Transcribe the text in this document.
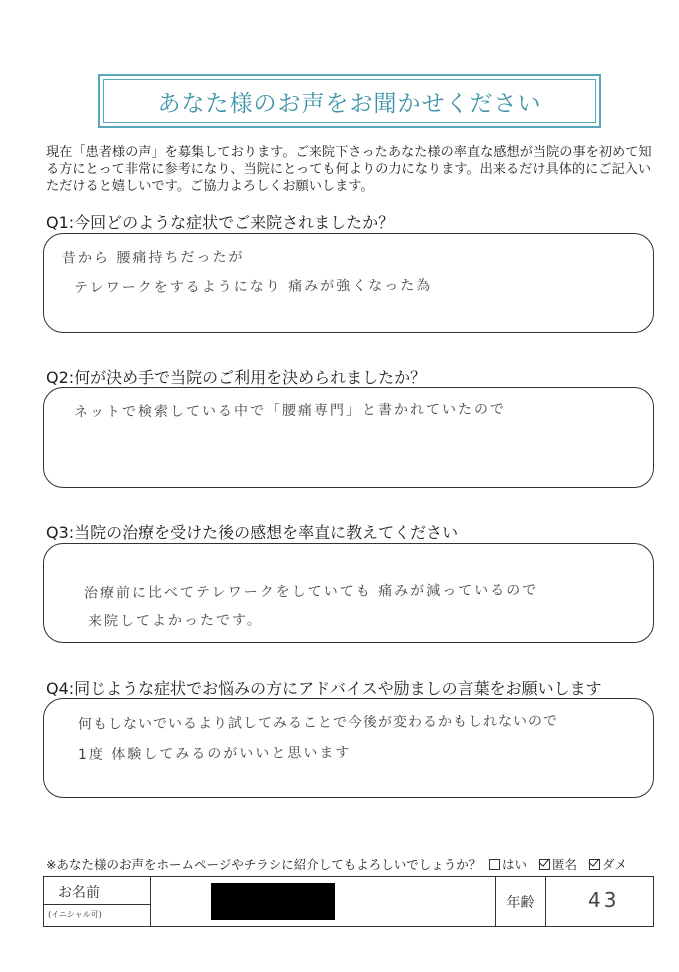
あなた様のお声をお聞かせください
現在「患者様の声」を募集しております。ご来院下さったあなた様の率直な感想が当院の事を初めて知る方にとって非常に参考になり、当院にとっても何よりの力になります。出来るだけ具体的にご記入いただけると嬉しいです。ご協力よろしくお願いします。
Q1:今回どのような症状でご来院されましたか？
昔から 腰痛持ちだったが
テレワークをするようになり 痛みが強くなった為
Q2:何が決め手で当院のご利用を決められましたか？
ネットで検索している中で「腰痛専門」と書かれていたので
Q3:当院の治療を受けた後の感想を率直に教えてください
治療前に比べてテレワークをしていても 痛みが減っているので
来院してよかったです。
Q4:同じような症状でお悩みの方にアドバイスや励ましの言葉をお願いします
何もしないでいるより試してみることで今後が変わるかもしれないので
1度 体験してみるのがいいと思います
※あなた様のお声をホームページやチラシに紹介してもよろしいでしょうか？	はい 匿名 ダメ
お名前
(イニシャル可)
年齢	43
